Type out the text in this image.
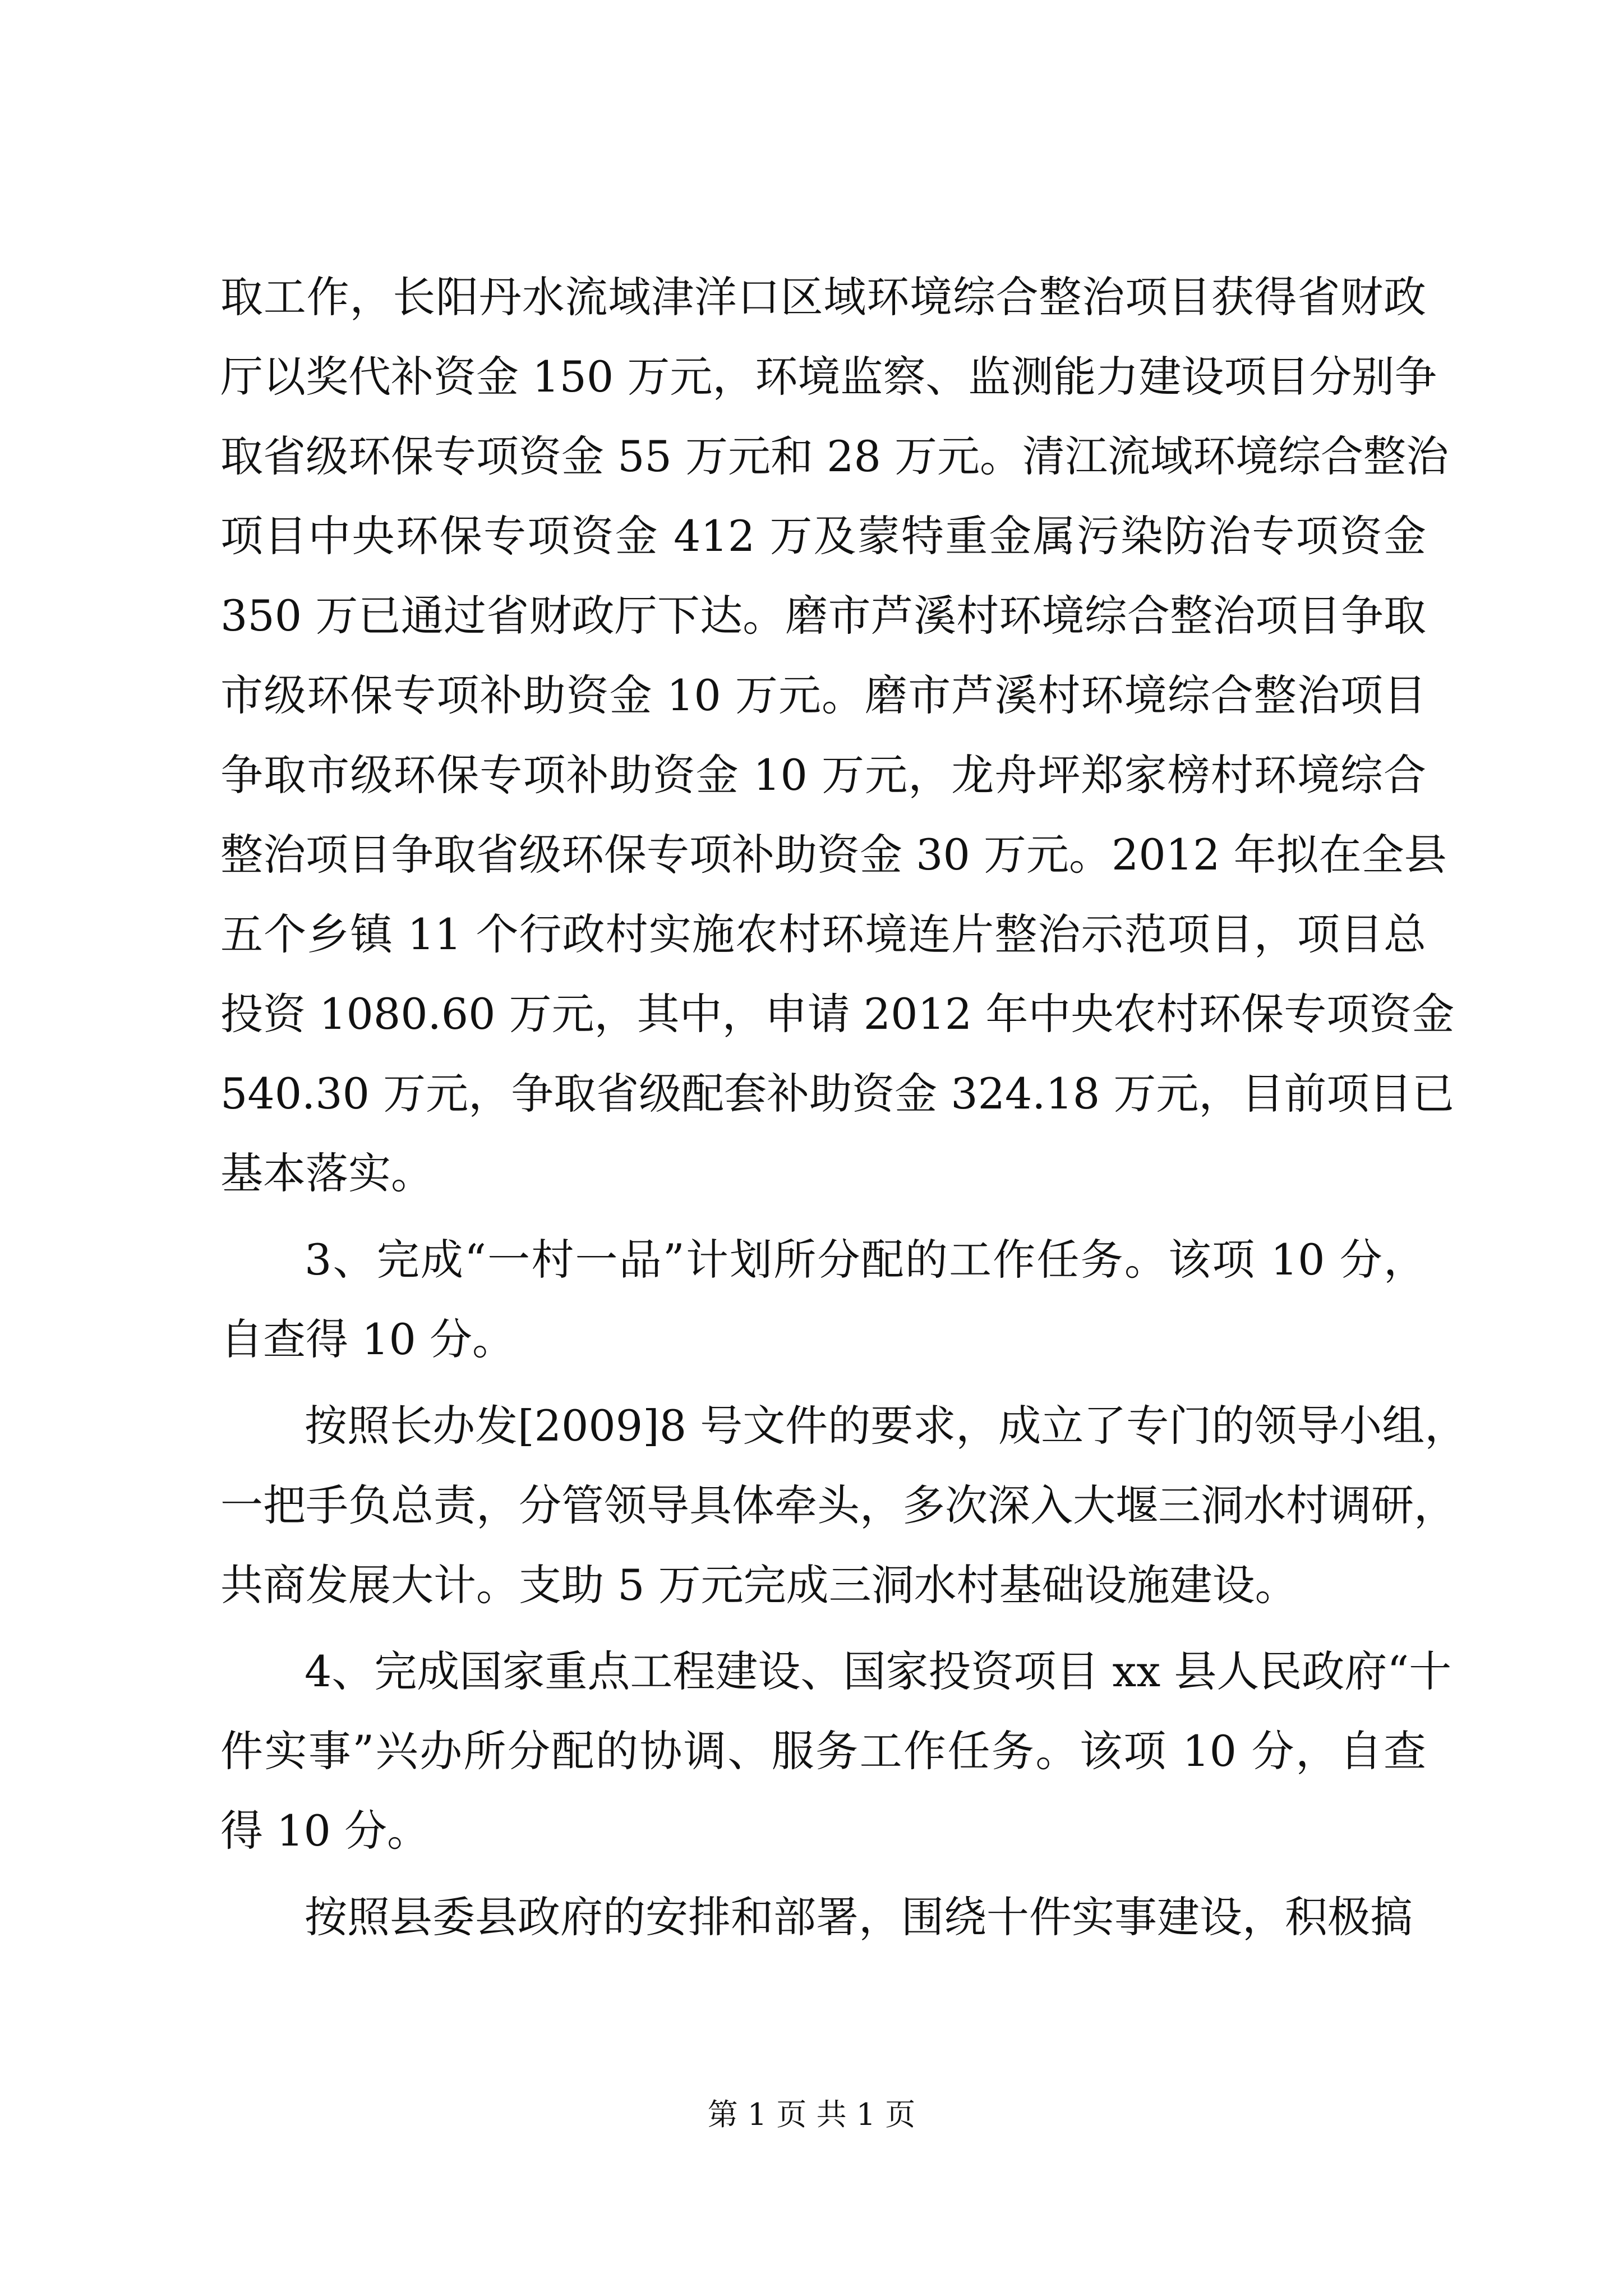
取工作，长阳丹水流域津洋口区域环境综合整治项目获得省财政
厅以奖代补资金 150 万元，环境监察、监测能力建设项目分别争
取省级环保专项资金 55 万元和 28 万元。清江流域环境综合整治
项目中央环保专项资金 412 万及蒙特重金属污染防治专项资金
350 万已通过省财政厅下达。磨市芦溪村环境综合整治项目争取
市级环保专项补助资金 10 万元。磨市芦溪村环境综合整治项目
争取市级环保专项补助资金 10 万元，龙舟坪郑家榜村环境综合
整治项目争取省级环保专项补助资金 30 万元。2012 年拟在全县
五个乡镇 11 个行政村实施农村环境连片整治示范项目，项目总
投资 1080.60 万元，其中，申请 2012 年中央农村环保专项资金
540.30 万元，争取省级配套补助资金 324.18 万元，目前项目已
基本落实。
3、完成“一村一品”计划所分配的工作任务。该项 10 分，
自查得 10 分。
按照长办发[2009]8 号文件的要求，成立了专门的领导小组，
一把手负总责，分管领导具体牵头，多次深入大堰三洞水村调研，
共商发展大计。支助 5 万元完成三洞水村基础设施建设。
4、完成国家重点工程建设、国家投资项目 xx 县人民政府“十
件实事”兴办所分配的协调、服务工作任务。该项 10 分，自查
得 10 分。
按照县委县政府的安排和部署，围绕十件实事建设，积极搞
第 1 页 共 1 页
